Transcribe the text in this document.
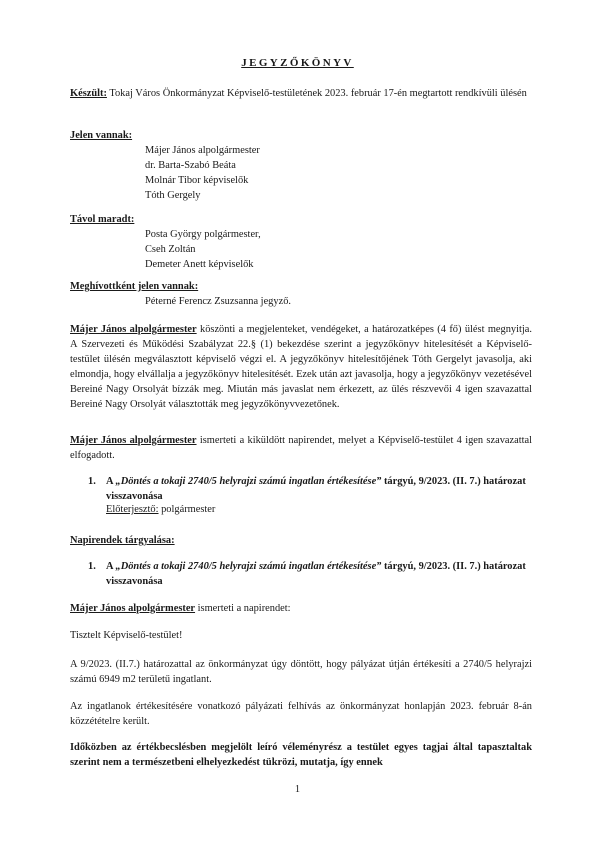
JEGYZŐKÖNYV
Készült: Tokaj Város Önkormányzat Képviselő-testületének 2023. február 17-én megtartott rendkívüli ülésén
Jelen vannak:
Májer János alpolgármester
dr. Barta-Szabó Beáta
Molnár Tibor képviselők
Tóth Gergely
Távol maradt:
Posta György polgármester,
Cseh Zoltán
Demeter Anett képviselők
Meghívottként jelen vannak:
Péterné Ferencz Zsuzsanna jegyző.
Májer János alpolgármester köszönti a megjelenteket, vendégeket, a határozatképes (4 fő) ülést megnyitja. A Szervezeti és Működési Szabályzat 22.§ (1) bekezdése szerint a jegyzőkönyv hitelesítését a Képviselő-testület ülésén megválasztott képviselő végzi el. A jegyzőkönyv hitelesítőjének Tóth Gergelyt javasolja, aki elmondja, hogy elvállalja a jegyzőkönyv hitelesítését. Ezek után azt javasolja, hogy a jegyzőkönyv vezetésével Bereiné Nagy Orsolyát bízzák meg. Miután más javaslat nem érkezett, az ülés részvevői 4 igen szavazattal Bereiné Nagy Orsolyát választották meg jegyzőkönyvvezetőnek.
Májer János alpolgármester ismerteti a kiküldött napirendet, melyet a Képviselő-testület 4 igen szavazattal elfogadott.
1. A „Döntés a tokaji 2740/5 helyrajzi számú ingatlan értékesítése” tárgyú, 9/2023. (II. 7.) határozat visszavonása
Előterjesztő: polgármester
Napirendek tárgyalása:
1. A „Döntés a tokaji 2740/5 helyrajzi számú ingatlan értékesítése” tárgyú, 9/2023. (II. 7.) határozat visszavonása
Májer János alpolgármester ismerteti a napirendet:
Tisztelt Képviselő-testület!
A 9/2023. (II.7.) határozattal az önkormányzat úgy döntött, hogy pályázat útján értékesíti a 2740/5 helyrajzi számú 6949 m2 területű ingatlant.
Az ingatlanok értékesítésére vonatkozó pályázati felhívás az önkormányzat honlapján 2023. február 8-án közzétételre került.
Időközben az értékbecslésben megjelölt leíró véleményrész a testület egyes tagjai által tapasztaltak szerint nem a természetbeni elhelyezkedést tükrözi, mutatja, így ennek
1
